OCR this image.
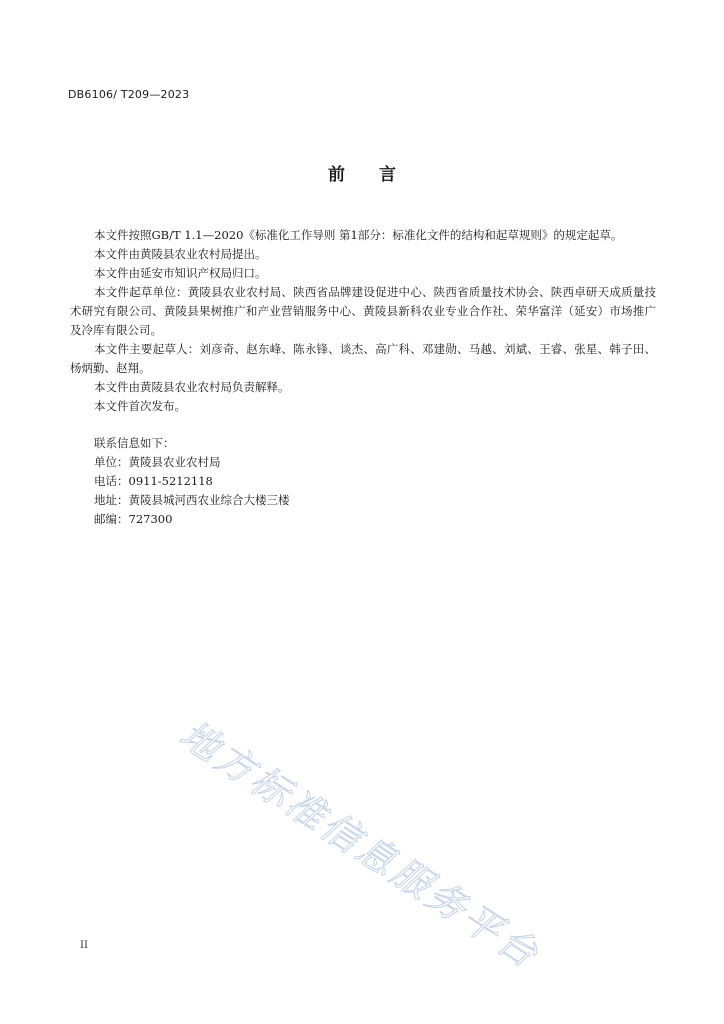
DB6106/ T209—2023
前 言

本文件按照GB/T 1.1—2020《标准化工作导则 第1部分：标准化文件的结构和起草规则》的规定起草。

本文件由黄陵县农业农村局提出。

本文件由延安市知识产权局归口。

本文件起草单位：黄陵县农业农村局、陕西省品牌建设促进中心、陕西省质量技术协会、陕西卓研天成质量技术研究有限公司、黄陵县果树推广和产业营销服务中心、黄陵县新科农业专业合作社、荣华富洋（延安）市场推广及冷库有限公司。

本文件主要起草人：刘彦奇、赵东峰、陈永锋、谈杰、高广科、邓建勋、马越、刘斌、王睿、张星、韩子田、杨炳勤、赵翔。

本文件由黄陵县农业农村局负责解释。

本文件首次发布。

联系信息如下：

单位：黄陵县农业农村局

电话：0911-5212118

地址：黄陵县城河西农业综合大楼三楼

邮编：727300

地方标准信息服务平台
II
